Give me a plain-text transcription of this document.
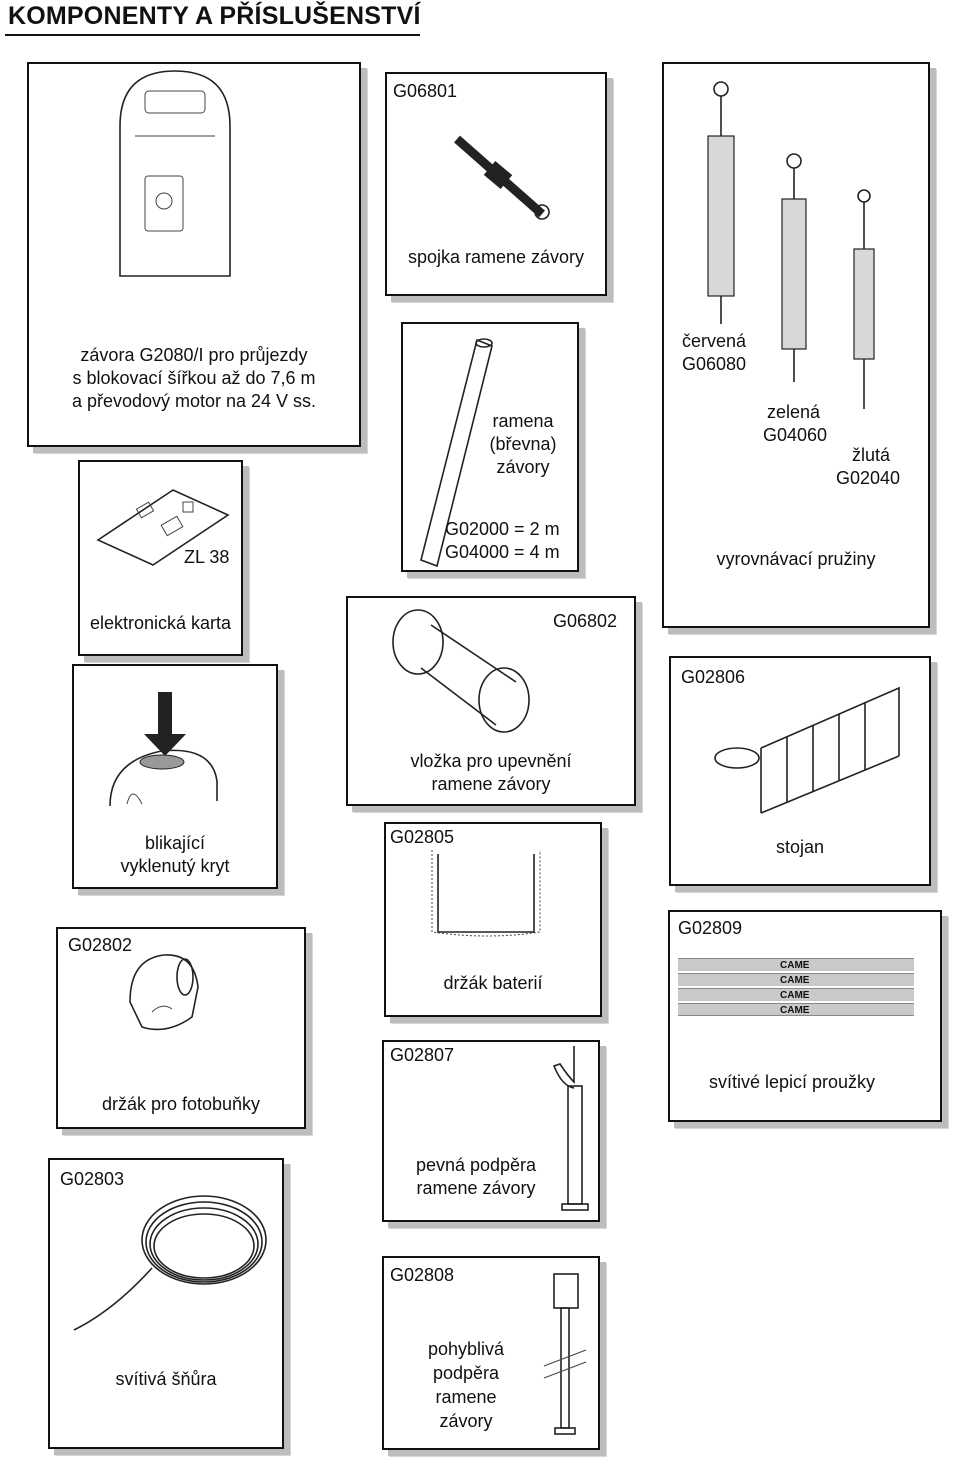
KOMPONENTY A PŘÍSLUŠENSTVÍ
závora G2080/I pro průjezdy
s blokovací šířkou až do 7,6 m
a převodový motor na 24 V ss.
G06801
spojka ramene závory
červená
G06080
zelená
G04060
žlutá
G02040
vyrovnávací pružiny
ramena
(břevna)
závory
G02000 = 2 m
G04000 = 4 m
ZL 38
elektronická karta	G06802
vložka pro upevnění
ramene závory
blikající
vyklenutý kryt
G02806
stojan
G02805
držák baterií
G02809
CAME
CAME
CAME
CAME
svítivé lepicí proužky
G02802
držák pro fotobuňky
G02807
pevná podpěra
ramene závory
G02803
svítivá šňůra
G02808
pohyblivá
podpěra
ramene
závory
